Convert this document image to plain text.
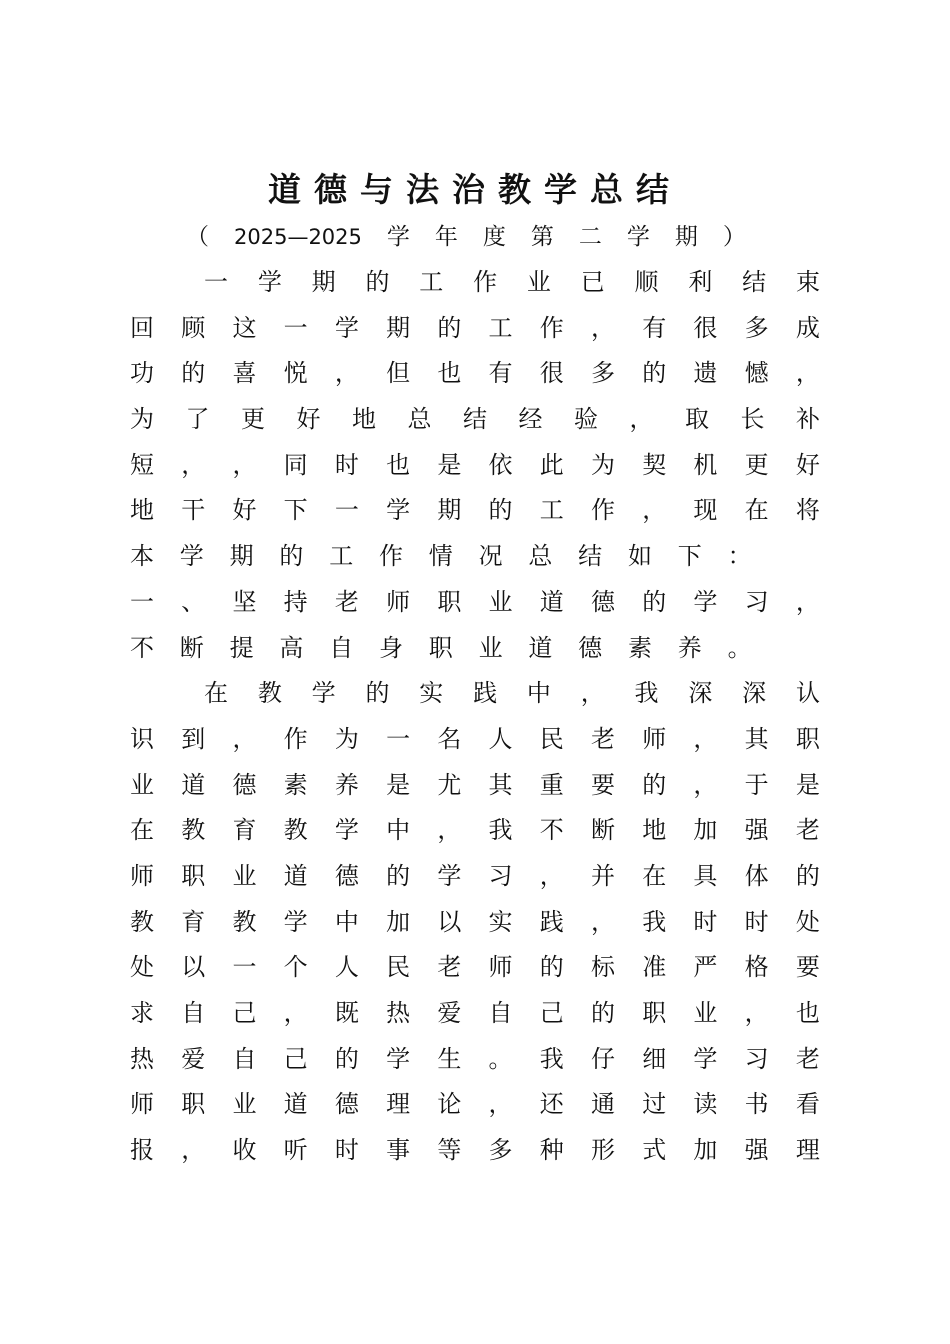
道德与法治教学总结
（ 2025—2025 学 年 度 第 二 学 期 ）
一 学 期 的 工 作 业 已 顺 利 结 束
回 顾 这 一 学 期 的 工 作 ， 有 很 多 成
功 的 喜 悦 ， 但 也 有 很 多 的 遗 憾 ，
为 了 更 好 地 总 结 经 验 ， 取 长 补
短 ， ， 同 时 也 是 依 此 为 契 机 更 好
地 干 好 下 一 学 期 的 工 作 ， 现 在 将
本 学 期 的 工 作 情 况 总 结 如 下 ：
一 、 坚 持 老 师 职 业 道 德 的 学 习 ，
不 断 提 高 自 身 职 业 道 德 素 养 。
在 教 学 的 实 践 中 ， 我 深 深 认
识 到 ， 作 为 一 名 人 民 老 师 ， 其 职
业 道 德 素 养 是 尤 其 重 要 的 ， 于 是
在 教 育 教 学 中 ， 我 不 断 地 加 强 老
师 职 业 道 德 的 学 习 ， 并 在 具 体 的
教 育 教 学 中 加 以 实 践 ， 我 时 时 处
处 以 一 个 人 民 老 师 的 标 准 严 格 要
求 自 己 ， 既 热 爱 自 己 的 职 业 ， 也
热 爱 自 己 的 学 生 。 我 仔 细 学 习 老
师 职 业 道 德 理 论 ， 还 通 过 读 书 看
报 ， 收 听 时 事 等 多 种 形 式 加 强 理
